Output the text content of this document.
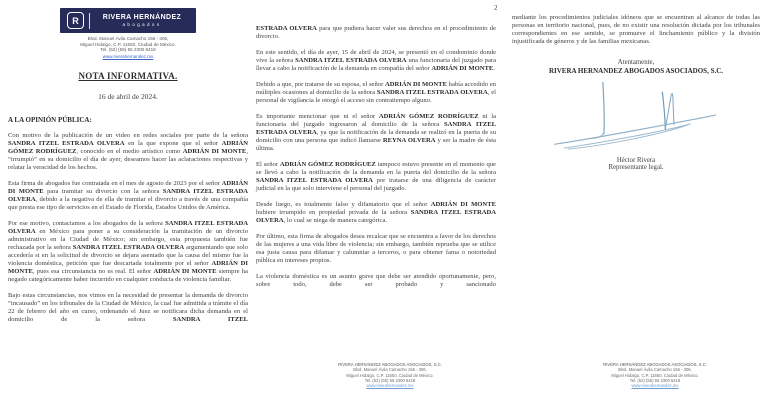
R	RIVERA HERNÁNDEZ
abogados
Blvd. Manuel Ávila Camacho 156 - 306,
Miguel Hidalgo, C.P. 11650, Ciudad de México.
Tel. (52) (55) 55 2300 6418
www.riverahernandez.mx
NOTA INFORMATIVA.
16 de abril de 2024.
A LA OPINIÓN PÚBLICA:

Con motivo de la publicación de un video en redes sociales por parte de la señora SANDRA ITZEL ESTRADA OLVERA en la que expone que el señor ADRIÁN GÓMEZ RODRÍGUEZ, conocido en el medio artístico como ADRIÁN DI MONTE, “irrumpió” en su domicilio el día de ayer, deseamos hacer las aclaraciones respectivas y relatar la veracidad de los hechos.

Esta firma de abogados fue contratada en el mes de agosto de 2023 por el señor ADRIÁN DI MONTE para tramitar su divorcio con la señora SANDRA ITZEL ESTRADA OLVERA, debido a la negativa de ella de tramitar el divorcio a través de una compañía que presta ese tipo de servicios en el Estado de Florida, Estados Unidos de América.

Por ese motivo, contactamos a los abogados de la señora SANDRA ITZEL ESTRADA OLVERA en México para poner a su consideración la tramitación de un divorcio administrativo en la Ciudad de México; sin embargo, esta propuesta también fue rechazada por la señora SANDRA ITZEL ESTRADA OLVERA argumentando que solo accedería si en la solicitud de divorcio se dejara asentado que la causa del mismo fue la violencia doméstica, petición que fue descartada totalmente por el señor ADRIÁN DI MONTE, pues esa circunstancia no es real. El señor ADRIÁN DI MONTE siempre ha negado categóricamente haber incurrido en cualquier conducta de violencia familiar.

Bajo estas circunstancias, nos vimos en la necesidad de presentar la demanda de divorcio “incausado” en los tribunales de la Ciudad de México, la cual fue admitida a trámite el día 22 de febrero del año en curso, ordenando el Juez se notificara dicha demanda en el domicilio de la señora SANDRA ITZEL

2

ESTRADA OLVERA para que pudiera hacer valer sus derechos en el procedimiento de divorcio.

En este sentido, el día de ayer, 15 de abril de 2024, se presentó en el condominio donde vive la señora SANDRA ITZEL ESTRADA OLVERA una funcionaria del juzgado para llevar a cabo la notificación de la demanda en compañía del señor ADRIÁN DI MONTE.

Debido a que, por tratarse de su esposa, el señor ADRIÁN DI MONTE había accedido en múltiples ocasiones al domicilio de la señora SANDRA ITZEL ESTRADA OLVERA, el personal de vigilancia le otorgó el acceso sin contratiempo alguno.

Es importante mencionar que ni el señor ADRIÁN GÓMEZ RODRÍGUEZ ni la funcionaria del juzgado ingresaron al domicilio de la señora SANDRA ITZEL ESTRADA OLVERA, ya que la notificación de la demanda se realizó en la puerta de su domicilio con una persona que indicó llamarse REYNA OLVERA y ser la madre de ésta última.

El señor ADRIÁN GÓMEZ RODRÍGUEZ tampoco estuvo presente en el momento que se llevó a cabo la notificación de la demanda en la puerta del domicilio de la señora SANDRA ITZEL ESTRADA OLVERA por tratarse de una diligencia de carácter judicial en la que solo interviene el personal del juzgado.

Desde luego, es totalmente falso y difamatorio que el señor ADRIÁN DI MONTE hubiere irrumpido en propiedad privada de la señora SANDRA ITZEL ESTRADA OLVERA, lo cual se niega de manera categórica.

Por último, esta firma de abogados desea recalcar que se encuentra a favor de los derechos de las mujeres a una vida libre de violencia; sin embargo, también reprueba que se utilice esa justa causa para difamar y calumniar a terceros, o para obtener fama o notoriedad pública en intereses propios.

La violencia doméstica es un asunto grave que debe ser atendido oportunamente, pero, sobre todo, debe ser probado y sancionado

mediante los procedimientos judiciales idóneos que se encuentran al alcance de todas las personas en territorio nacional, pues, de no existir una resolución dictada por los tribunales correspondientes en ese sentido, se promueve el linchamiento público y la división injustificada de géneros y de las familias mexicanas.

Atentamente,
RIVERA HERNANDEZ ABOGADOS ASOCIADOS, S.C.
Héctor Rivera
Representante legal.
RIVERA HERNÁNDEZ ABOGADOS ASOCIADOS, S.C.
Blvd. Manuel Ávila Camacho 156 - 306,
Miguel Hidalgo, C.P. 11650, Ciudad de México.
Tel. (52) (55) 55 2300 6418
www.riverahernandez.mx
RIVERA HERNÁNDEZ ABOGADOS ASOCIADOS, S.C.
Blvd. Manuel Ávila Camacho 156 - 306,
Miguel Hidalgo, C.P. 11650, Ciudad de México.
Tel. (52) (55) 55 2300 6418
www.riverahernandez.mx
